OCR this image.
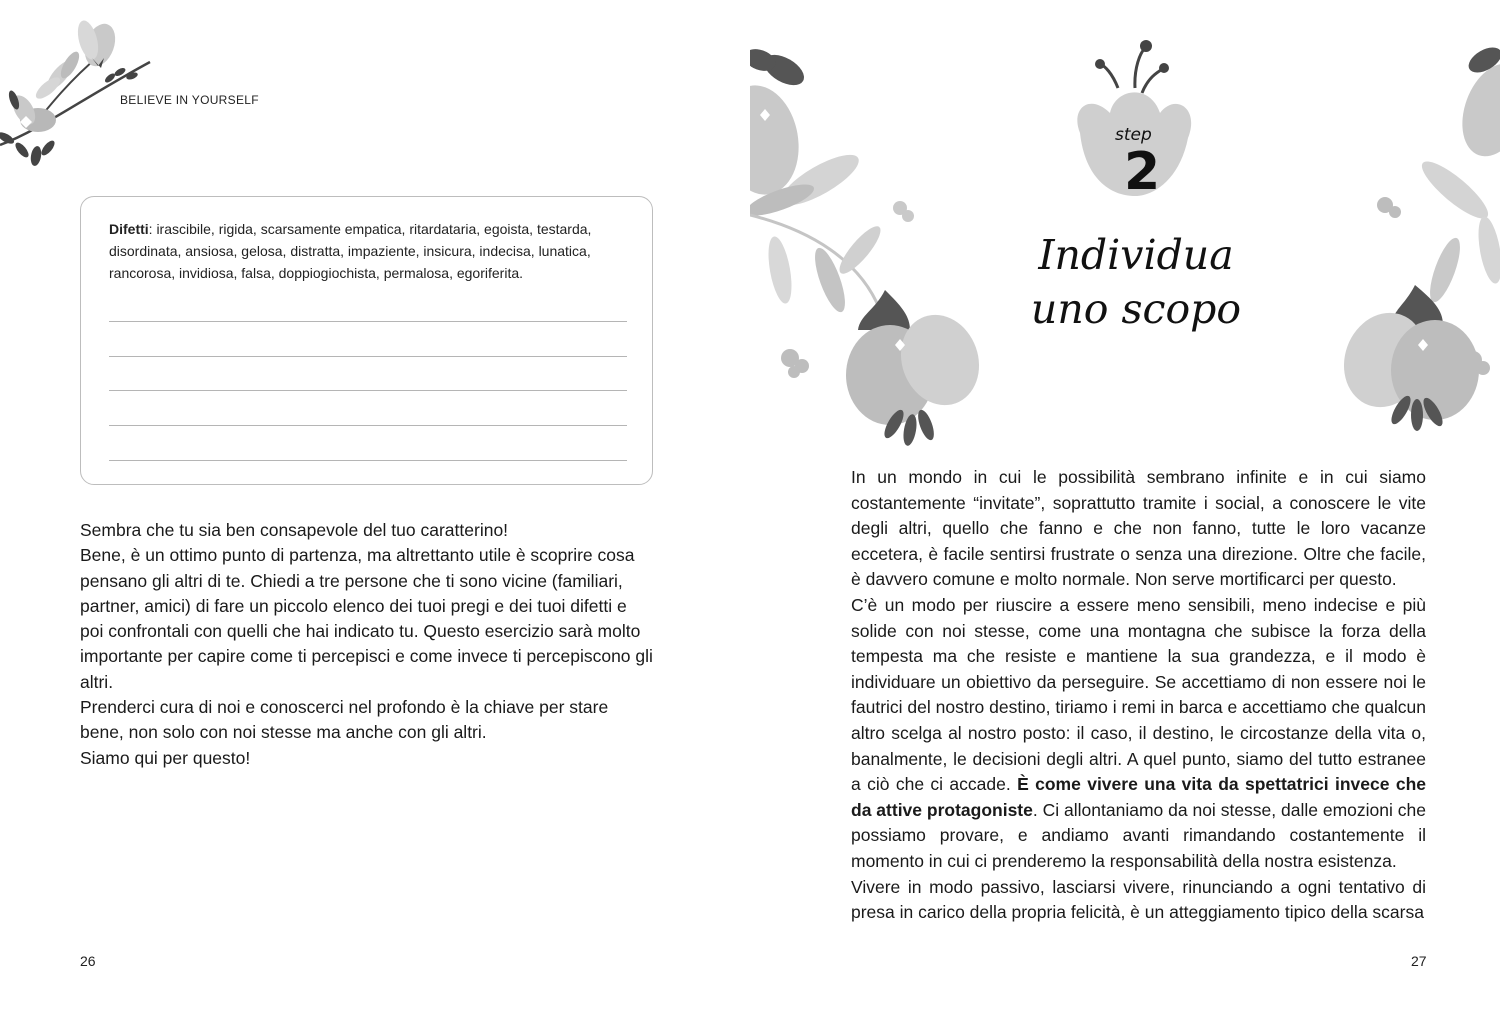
BELIEVE IN YOURSELF
Difetti: irascibile, rigida, scarsamente empatica, ritardataria, egoista, testarda, disordinata, ansiosa, gelosa, distratta, impaziente, insicura, indecisa, lunatica, rancorosa, invidiosa, falsa, doppiogiochista, permalosa, egoriferita.

Sembra che tu sia ben consapevole del tuo caratterino!

Bene, è un ottimo punto di partenza, ma altrettanto utile è scoprire cosa pensano gli altri di te. Chiedi a tre persone che ti sono vicine (familiari, partner, amici) di fare un piccolo elenco dei tuoi pregi e dei tuoi difetti e poi confrontali con quelli che hai indicato tu. Questo esercizio sarà molto importante per capire come ti percepisci e come invece ti percepiscono gli altri.

Prenderci cura di noi e conoscerci nel profondo è la chiave per stare bene, non solo con noi stesse ma anche con gli altri.

Siamo qui per questo!

26
step
2
Individua
uno scopo

In un mondo in cui le possibilità sembrano infinite e in cui siamo costantemente “invitate”, soprattutto tramite i social, a conoscere le vite degli altri, quello che fanno e che non fanno, tutte le loro vacanze eccetera, è facile sentirsi frustrate o senza una direzione. Oltre che facile, è davvero comune e molto normale. Non serve mortificarci per questo.

C’è un modo per riuscire a essere meno sensibili, meno indecise e più solide con noi stesse, come una montagna che subisce la forza della tempesta ma che resiste e mantiene la sua grandezza, e il modo è individuare un obiettivo da perseguire. Se accettiamo di non essere noi le fautrici del nostro destino, tiriamo i remi in barca e accettiamo che qualcun altro scelga al nostro posto: il caso, il destino, le circostanze della vita o, banalmente, le decisioni degli altri. A quel punto, siamo del tutto estranee a ciò che ci accade. È come vivere una vita da spettatrici invece che da attive protagoniste. Ci allontaniamo da noi stesse, dalle emozioni che possiamo provare, e andiamo avanti rimandando costantemente il momento in cui ci prenderemo la responsabilità della nostra esistenza.

Vivere in modo passivo, lasciarsi vivere, rinunciando a ogni tentativo di presa in carico della propria felicità, è un atteggiamento tipico della scarsa

27
